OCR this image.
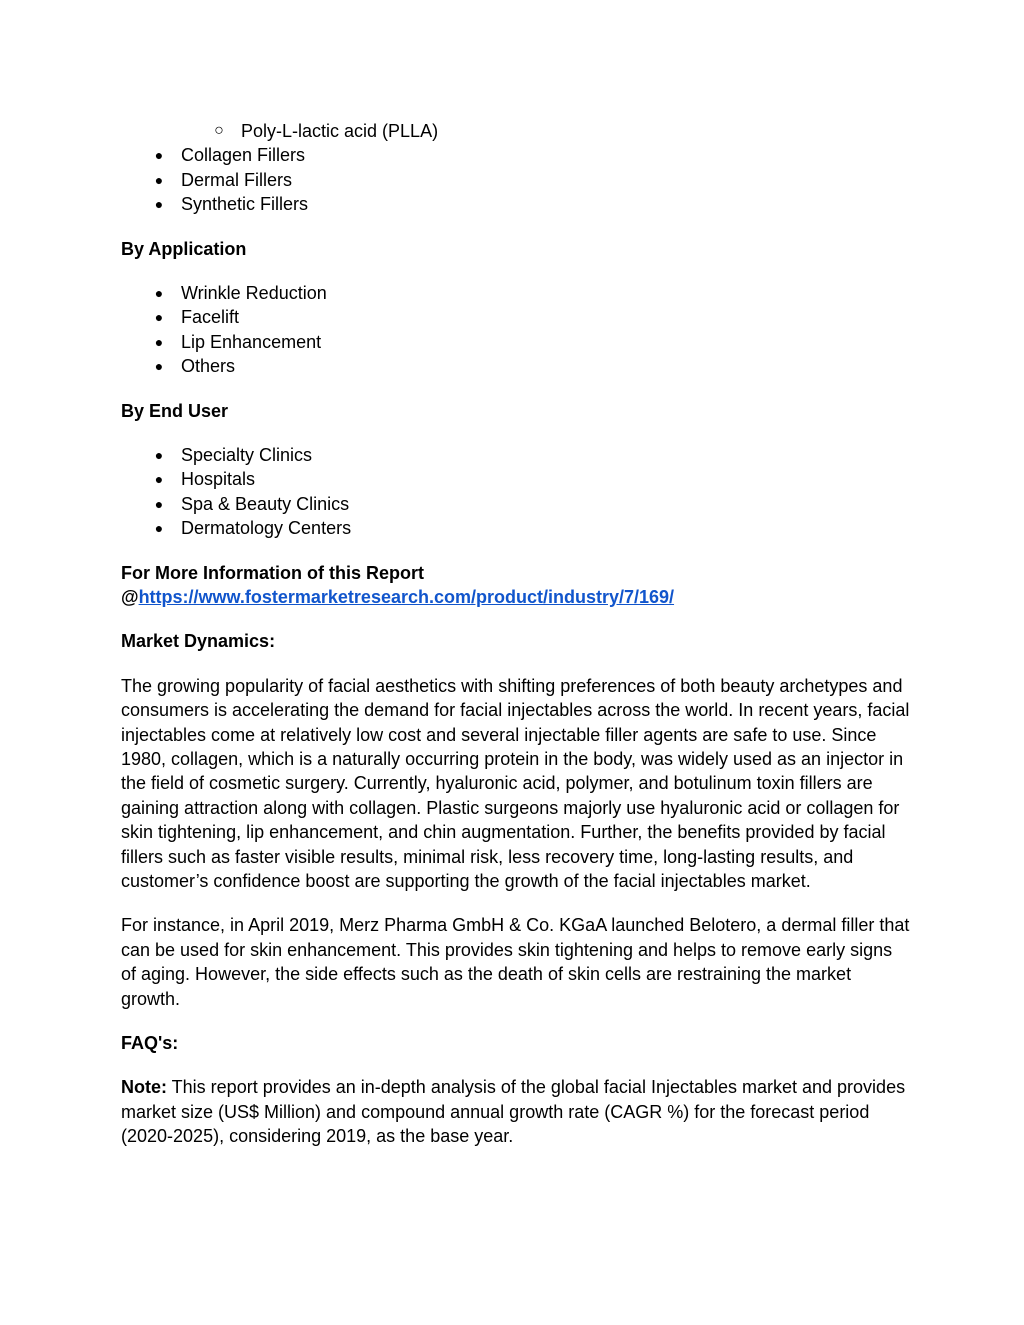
○ Poly-L-lactic acid (PLLA)
● Collagen Fillers
● Dermal Fillers
● Synthetic Fillers

By Application

● Wrinkle Reduction
● Facelift
● Lip Enhancement
● Others

By End User

● Specialty Clinics
● Hospitals
● Spa & Beauty Clinics
● Dermatology Centers

For More Information of this Report

@https://www.fostermarketresearch.com/product/industry/7/169/

Market Dynamics:

The growing popularity of facial aesthetics with shifting preferences of both beauty archetypes and consumers is accelerating the demand for facial injectables across the world. In recent years, facial injectables come at relatively low cost and several injectable filler agents are safe to use. Since 1980, collagen, which is a naturally occurring protein in the body, was widely used as an injector in the field of cosmetic surgery. Currently, hyaluronic acid, polymer, and botulinum toxin fillers are gaining attraction along with collagen. Plastic surgeons majorly use hyaluronic acid or collagen for skin tightening, lip enhancement, and chin augmentation. Further, the benefits provided by facial fillers such as faster visible results, minimal risk, less recovery time, long-lasting results, and customer’s confidence boost are supporting the growth of the facial injectables market.

For instance, in April 2019, Merz Pharma GmbH & Co. KGaA launched Belotero, a dermal filler that can be used for skin enhancement. This provides skin tightening and helps to remove early signs of aging. However, the side effects such as the death of skin cells are restraining the market growth.

FAQ's:

Note: This report provides an in-depth analysis of the global facial Injectables market and provides market size (US$ Million) and compound annual growth rate (CAGR %) for the forecast period (2020-2025), considering 2019, as the base year.
